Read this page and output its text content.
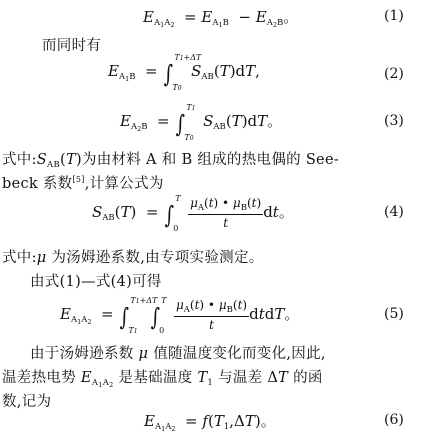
$E_{A_1A_2} = E_{A_1B} - E_{A_2B}$。	(1)
而同时有
$E_{A_1B}$  = ∫
T1+ΔT
T0
$S_{AB}(T)dT$,	(2)
$E_{A_2B}$  = ∫
T1
T0
$S_{AB}(T)dT$。	(3)
式中$:S_{AB}(T)$为由材料 A 和 B 组成的热电偶的 See-
beck 系数[5],计算公式为
$S_{AB}(T)$  = ∫
T
0
$\frac{\mu_A(t) • \mu_B(t)}{t}$ dt。	(4)
式中:μ 为汤姆逊系数,由专项实验测定。
由式(1)—式(4)可得
$E_{A_1A_2}$  = ∫
T1+ΔT
T1
∫
T
0
$\frac{\mu_A(t) • \mu_B(t)}{t}$ dtdT。	(5)
由于汤姆逊系数 μ 值随温度变化而变化,因此,
温差热电势 $E_{A_1A_2}$ 是基础温度 $T_1$ 与温差 ΔT 的函
数,记为
$E_{A_1A_2} = f(T_1,\Delta T)$。	(6)
